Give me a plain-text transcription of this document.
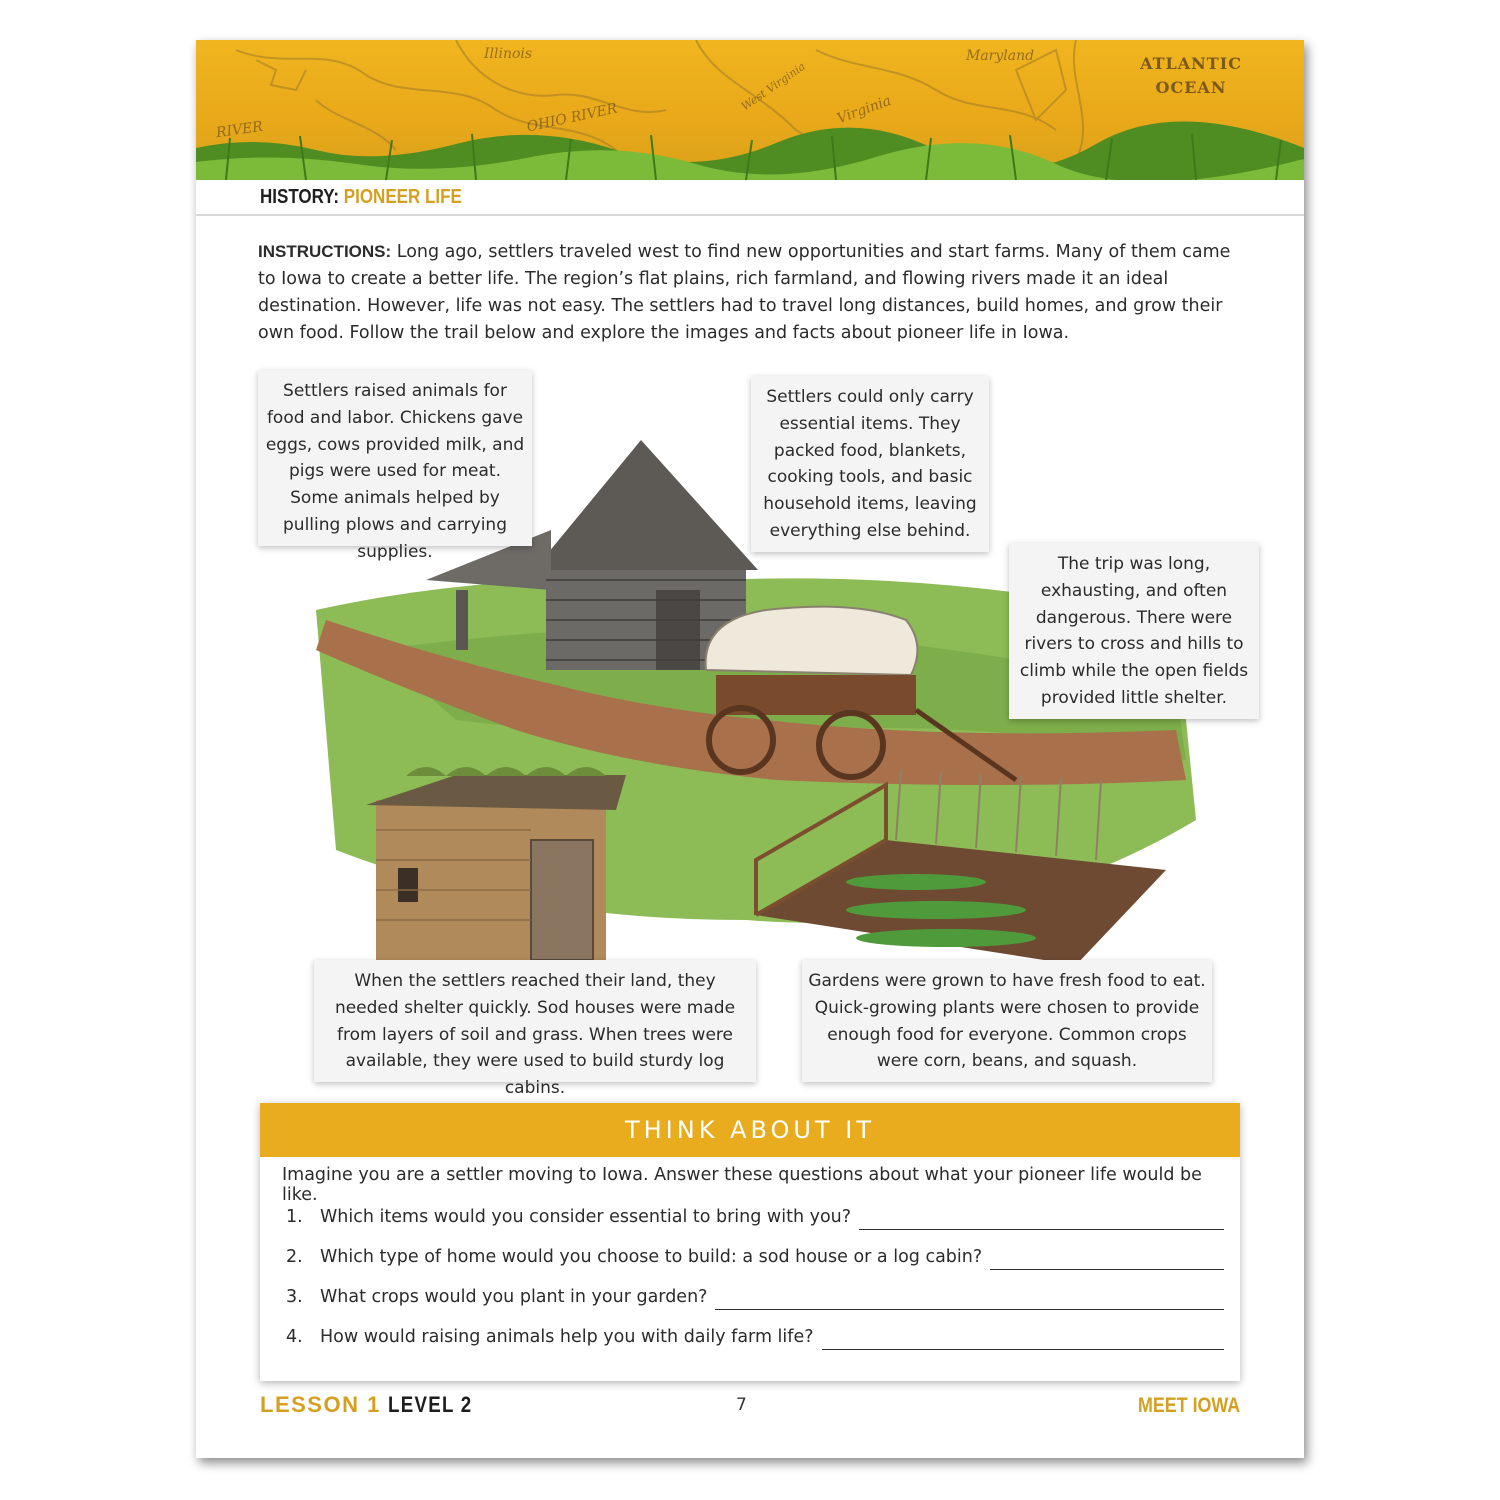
Illinois
OHIO RIVER
Maryland
Virginia
West Virginia
RIVER
ATLANTIC
OCEAN
HISTORY: PIONEER LIFE
INSTRUCTIONS: Long ago, settlers traveled west to find new opportunities and start farms. Many of them came to Iowa to create a better life. The region’s flat plains, rich farmland, and flowing rivers made it an ideal destination. However, life was not easy. The settlers had to travel long distances, build homes, and grow their own food. Follow the trail below and explore the images and facts about pioneer life in Iowa.
Settlers raised animals for food and labor. Chickens gave eggs, cows provided milk, and pigs were used for meat. Some animals helped by pulling plows and carrying supplies.
Settlers could only carry essential items. They packed food, blankets, cooking tools, and basic household items, leaving everything else behind.
The trip was long, exhausting, and often dangerous. There were rivers to cross and hills to climb while the open fields provided little shelter.
When the settlers reached their land, they needed shelter quickly. Sod houses were made from layers of soil and grass. When trees were available, they were used to build sturdy log cabins.
Gardens were grown to have fresh food to eat. Quick-growing plants were chosen to provide enough food for everyone. Common crops were corn, beans, and squash.
THINK ABOUT IT
Imagine you are a settler moving to Iowa. Answer these questions about what your pioneer life would be like.
1. Which items would you consider essential to bring with you?
2. Which type of home would you choose to build: a sod house or a log cabin?
3. What crops would you plant in your garden?
4. How would raising animals help you with daily farm life?
LESSON 1 LEVEL 2	7	MEET IOWA
